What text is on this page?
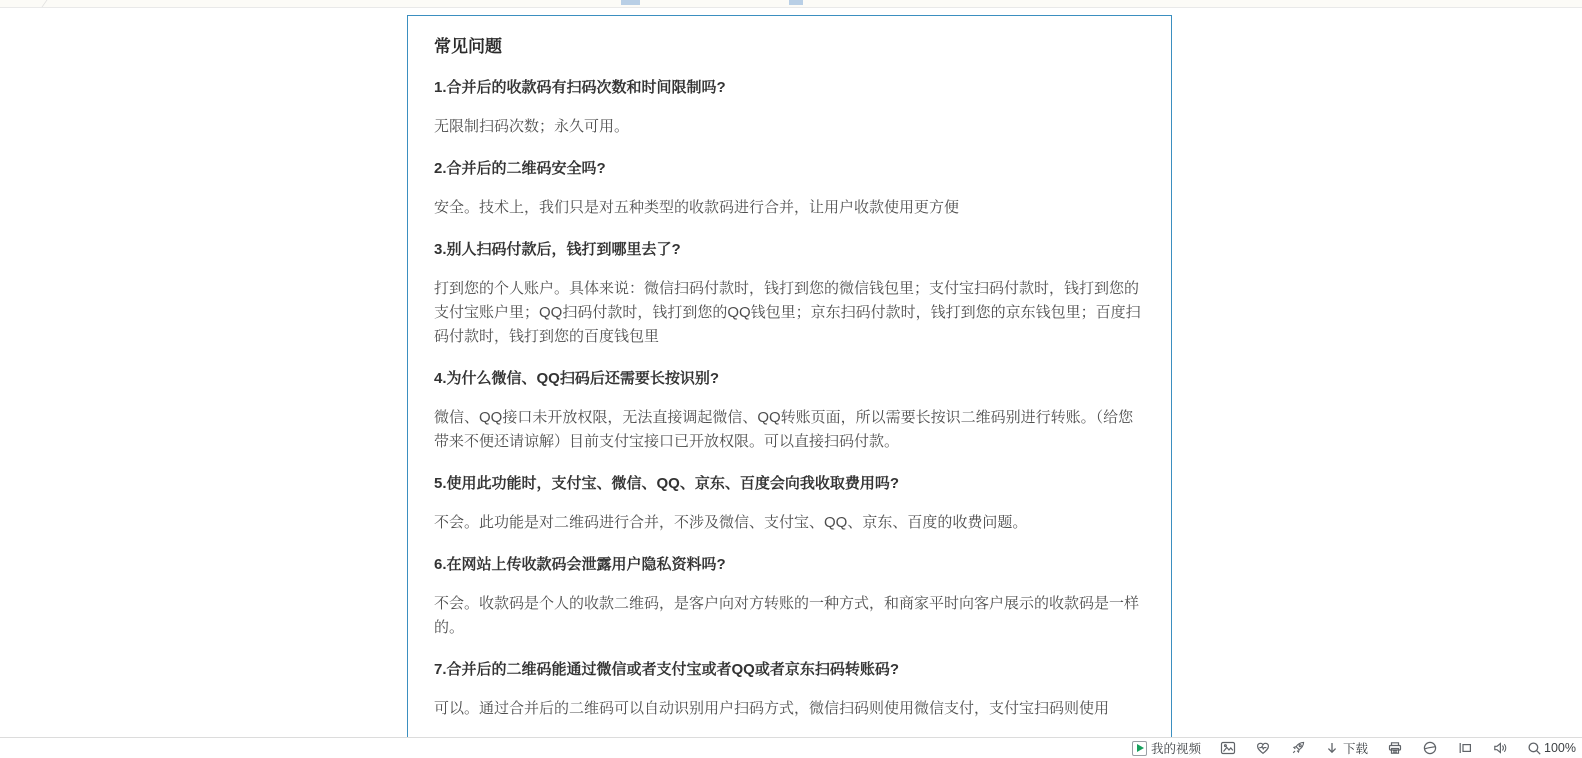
常见问题
1.合并后的收款码有扫码次数和时间限制吗?
无限制扫码次数；永久可用。
2.合并后的二维码安全吗?
安全。技术上，我们只是对五种类型的收款码进行合并，让用户收款使用更方便
3.别人扫码付款后，钱打到哪里去了?
打到您的个人账户。具体来说：微信扫码付款时，钱打到您的微信钱包里；支付宝扫码付款时，钱打到您的支付宝账户里；QQ扫码付款时，钱打到您的QQ钱包里；京东扫码付款时，钱打到您的京东钱包里；百度扫码付款时，钱打到您的百度钱包里
4.为什么微信、QQ扫码后还需要长按识别?
微信、QQ接口未开放权限，无法直接调起微信、QQ转账页面，所以需要长按识二维码别进行转账。（给您带来不便还请谅解）目前支付宝接口已开放权限。可以直接扫码付款。
5.使用此功能时，支付宝、微信、QQ、京东、百度会向我收取费用吗?
不会。此功能是对二维码进行合并，不涉及微信、支付宝、QQ、京东、百度的收费问题。
6.在网站上传收款码会泄露用户隐私资料吗?
不会。收款码是个人的收款二维码，是客户向对方转账的一种方式，和商家平时向客户展示的收款码是一样的。
7.合并后的二维码能通过微信或者支付宝或者QQ或者京东扫码转账码?
可以。通过合并后的二维码可以自动识别用户扫码方式，微信扫码则使用微信支付，支付宝扫码则使用
我的视频	下载	100%
